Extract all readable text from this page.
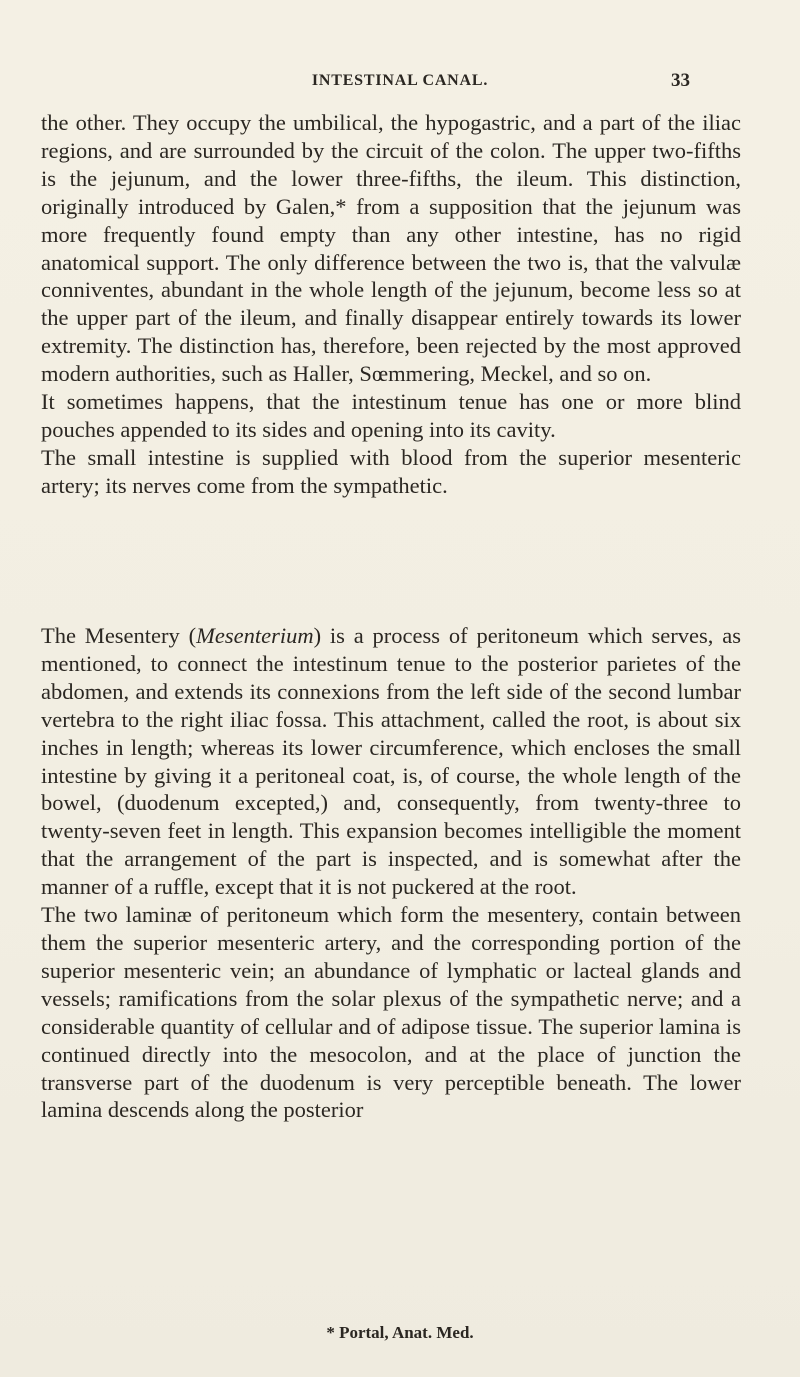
INTESTINAL CANAL.	33

the other. They occupy the umbilical, the hypogastric, and a part of the iliac regions, and are surrounded by the circuit of the colon. The upper two-fifths is the jejunum, and the lower three-fifths, the ileum. This distinction, originally introduced by Galen,* from a supposition that the jejunum was more frequently found empty than any other intestine, has no rigid anatomical support. The only difference between the two is, that the valvulæ conniventes, abundant in the whole length of the jejunum, become less so at the upper part of the ileum, and finally disappear entirely towards its lower extremity. The distinction has, therefore, been rejected by the most approved modern authorities, such as Haller, Sœmmering, Meckel, and so on.

It sometimes happens, that the intestinum tenue has one or more blind pouches appended to its sides and opening into its cavity.

The small intestine is supplied with blood from the superior mesenteric artery; its nerves come from the sympathetic.

The Mesentery (Mesenterium) is a process of peritoneum which serves, as mentioned, to connect the intestinum tenue to the posterior parietes of the abdomen, and extends its connexions from the left side of the second lumbar vertebra to the right iliac fossa. This attachment, called the root, is about six inches in length; whereas its lower circumference, which encloses the small intestine by giving it a peritoneal coat, is, of course, the whole length of the bowel, (duodenum excepted,) and, consequently, from twenty-three to twenty-seven feet in length. This expansion becomes intelligible the moment that the arrangement of the part is inspected, and is somewhat after the manner of a ruffle, except that it is not puckered at the root.

The two laminæ of peritoneum which form the mesentery, contain between them the superior mesenteric artery, and the corresponding portion of the superior mesenteric vein; an abundance of lymphatic or lacteal glands and vessels; ramifications from the solar plexus of the sympathetic nerve; and a considerable quantity of cellular and of adipose tissue. The superior lamina is continued directly into the mesocolon, and at the place of junction the transverse part of the duodenum is very perceptible beneath. The lower lamina descends along the posterior

* Portal, Anat. Med.
